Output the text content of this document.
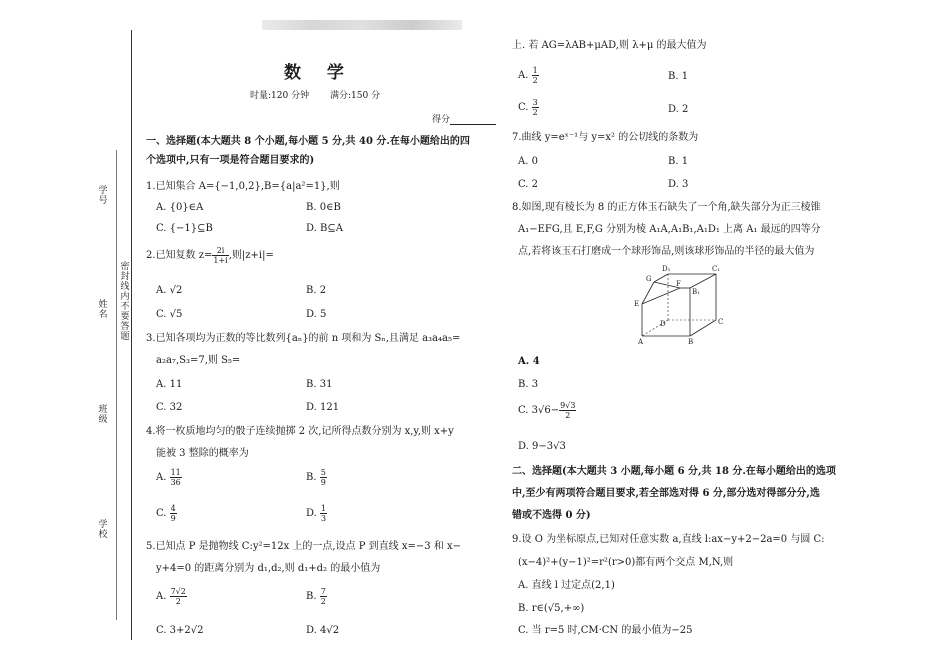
学号
姓名
班级
学校
密封线内不要答题
数 学
时量:120 分钟 满分:150 分
得分
一、选择题(本大题共 8 个小题,每小题 5 分,共 40 分.在每小题给出的四
个选项中,只有一项是符合题目要求的)
1.已知集合 A={−1,0,2},B={a|a²=1},则
A. {0}∈A	B. 0∈B
C. {−1}⊆B	D. B⊆A
2.已知复数 $z= \frac{2i}{1+i}$ ,则|z+i|=
A. √2	B. 2
C. √5	D. 5
3.已知各项均为正数的等比数列{aₙ}的前 n 项和为 Sₙ,且满足 a₃a₄a₅=
a₂a₇,S₃=7,则 S₅=
A. 11	B. 31
C. 32	D. 121
4.将一枚质地均匀的骰子连续抛掷 2 次,记所得点数分别为 x,y,则 x+y
能被 3 整除的概率为
A. $\frac{11}{36}$	B. $\frac{5}{9}$
C. $\frac{4}{9}$	D. $\frac{1}{3}$
5.已知点 P 是抛物线 C:y²=12x 上的一点,设点 P 到直线 x=−3 和 x−
y+4=0 的距离分别为 d₁,d₂,则 d₁+d₂ 的最小值为
A. $\frac{7√2}{2}$	B. $\frac{7}{2}$
C. 3+2√2	D. 4√2
上. 若 AG=λAB+μAD,则 λ+μ 的最大值为
A. $\frac{1}{2}$	B. 1
C. $\frac{3}{2}$	D. 2
7.曲线 y=eˣ⁻¹与 y=x² 的公切线的条数为
A. 0	B. 1
C. 2	D. 3
8.如图,现有棱长为 8 的正方体玉石缺失了一个角,缺失部分为正三棱锥
A₁−EFG,且 E,F,G 分别为棱 A₁A,A₁B₁,A₁D₁ 上离 A₁ 最远的四等分
点,若将该玉石打磨成一个球形饰品,则该球形饰品的半径的最大值为
D₁	C₁
B₁
G
F
D	C
E
A	B
A. 4
B. 3
C. $3√6- \frac{9√3}{2}$
D. 9−3√3
二、选择题(本大题共 3 小题,每小题 6 分,共 18 分.在每小题给出的选项
中,至少有两项符合题目要求,若全部选对得 6 分,部分选对得部分分,选
错或不选得 0 分)
9.设 O 为坐标原点,已知对任意实数 a,直线 l:ax−y+2−2a=0 与圆 C:
(x−4)²+(y−1)²=r²(r>0)都有两个交点 M,N,则
A. 直线 l 过定点(2,1)
B. r∈(√5,+∞)
C. 当 r=5 时,CM·CN 的最小值为−25
